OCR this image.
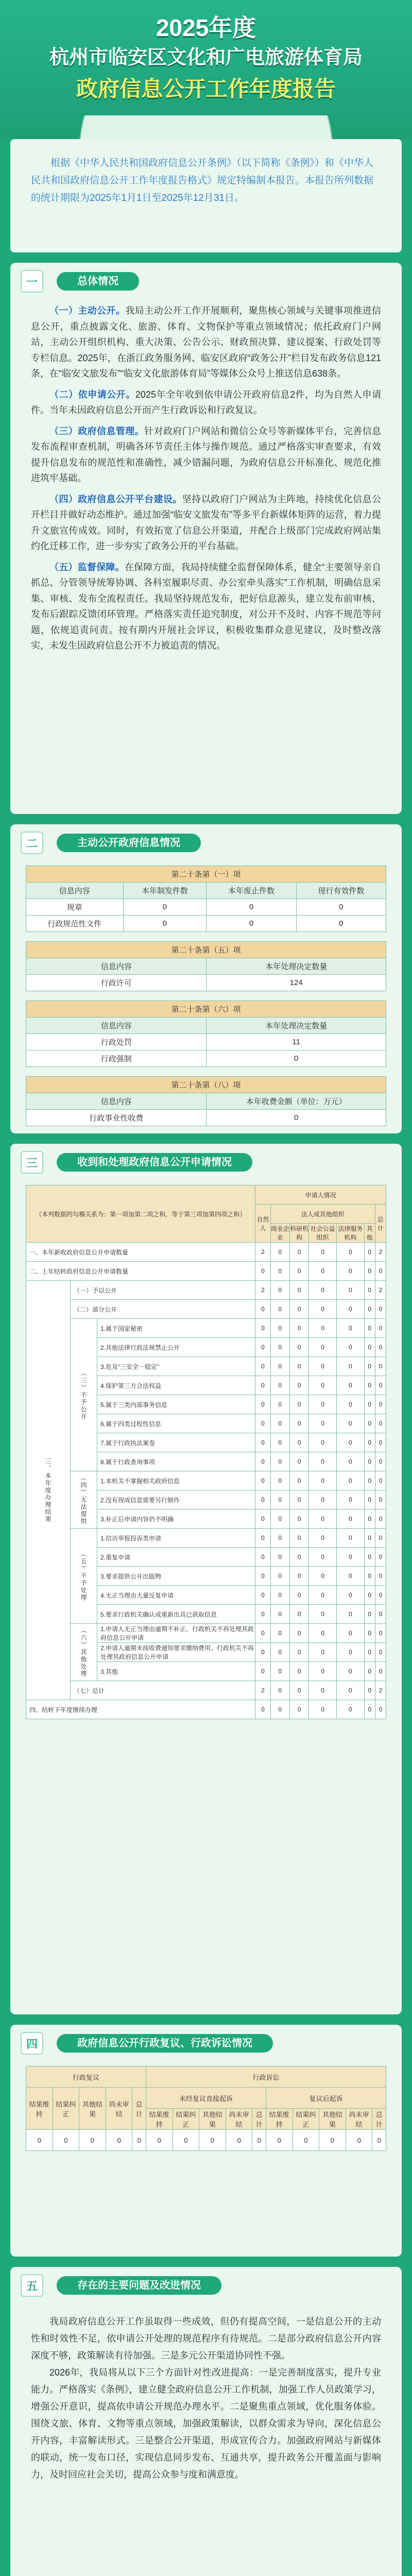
2025年度
杭州市临安区文化和广电旅游体育局
政府信息公开工作年度报告

根据《中华人民共和国政府信息公开条例》（以下简称《条例》）和《中华人民共和国政府信息公开工作年度报告格式》规定特编制本报告。本报告所列数据的统计期限为2025年1月1日至2025年12月31日。

一	总体情况

（一）主动公开。我局主动公开工作开展顺利，聚焦核心领域与关键事项推进信息公开，重点披露文化、旅游、体育、文物保护等重点领域情况；依托政府门户网站，主动公开组织机构、重大决策、公告公示、财政预决算、建议提案、行政处罚等专栏信息。2025年，在浙江政务服务网、临安区政府“政务公开”栏目发布政务信息121条，在“临安文旅发布”“临安文化旅游体育局”等媒体公众号上推送信息638条。

（二）依申请公开。2025年全年收到依申请公开政府信息2件，均为自然人申请件。当年未因政府信息公开而产生行政诉讼和行政复议。

（三）政府信息管理。针对政府门户网站和微信公众号等新媒体平台，完善信息发布流程审查机制，明确各环节责任主体与操作规范。通过严格落实审查要求，有效提升信息发布的规范性和准确性，减少错漏问题，为政府信息公开标准化、规范化推进筑牢基础。

（四）政府信息公开平台建设。坚持以政府门户网站为主阵地，持续优化信息公开栏目并做好动态维护。通过加强“临安文旅发布”等多平台新媒体矩阵的运营，着力提升文旅宣传成效。同时，有效拓宽了信息公开渠道，并配合上级部门完成政府网站集约化迁移工作，进一步夯实了政务公开的平台基础。

（五）监督保障。在保障方面，我局持续健全监督保障体系，健全“主要领导亲自抓总、分管领导统筹协调、各科室履职尽责、办公室牵头落实”工作机制，明确信息采集、审核、发布全流程责任。我局坚持规范发布，把好信息源头，建立发布前审核、发布后跟踪反馈闭环管理。严格落实责任追究制度，对公开不及时、内容不规范等问题，依规追责问责。按有期内开展社会评议，积极收集群众意见建议，及时整改落实，未发生因政府信息公开不力被追责的情况。

二	主动公开政府信息情况
第二十条第（一）项			
信息内容	本年制发件数	本年废止件数	现行有效件数
规章	0	0	0
行政规范性文件	0	0	0

第二十条第（五）项			
信息内容		本年处理决定数量	
行政许可		124	

第二十条第（六）项			
信息内容		本年处理决定数量	
行政处罚		11	
行政强制		0	

第二十条第（八）项			
信息内容		本年收费金额（单位：万元）	
行政事业性收费		0	
三	收到和处理政府信息公开申请情况
（本列数据的勾稽关系为：第一项加第二项之和，等于第三项加第四项之和）			申请人情况						
			自然人	法人或其他组织					总计
				商业企业	科研机构	社会公益组织	法律服务机构	其他	
一、本年新收政府信息公开申请数量			2	0	0	0	0	0	2
二、上年结转政府信息公开申请数量			0	0	0	0	0	0	0
三、本年度办理结果	（一）予以公开		2	0	0	0	0	0	2
	（二）部分公开		0	0	0	0	0	0	0
	（三）不予公开	1.属于国家秘密	0	0	0	0	0	0	0
		2.其他法律行政法规禁止公开	0	0	0	0	0	0	0
		3.危及“三安全一稳定”	0	0	0	0	0	0	0
		4.保护第三方合法权益	0	0	0	0	0	0	0
		5.属于三类内部事务信息	0	0	0	0	0	0	0
		6.属于四类过程性信息	0	0	0	0	0	0	0
		7.属于行政执法案卷	0	0	0	0	0	0	0
		8.属于行政查询事项	0	0	0	0	0	0	0
	（四）无法提供	1.本机关不掌握相关政府信息	0	0	0	0	0	0	0
		2.没有现成信息需要另行制作	0	0	0	0	0	0	0
		3.补正后申请内容仍不明确	0	0	0	0	0	0	0
	（五）不予处理	1.信访举报投诉类申请	0	0	0	0	0	0	0
		2.重复申请	0	0	0	0	0	0	0
		3.要求提供公开出版物	0	0	0	0	0	0	0
		4.无正当理由大量反复申请	0	0	0	0	0	0	0
		5.要求行政机关确认或重新出具已获取信息	0	0	0	0	0	0	0
	（六）其他处理	1.申请人无正当理由逾期不补正、行政机关不再处理其政府信息公开申请	0	0	0	0	0	0	0
		2.申请人逾期未按收费通知要求缴纳费用、行政机关不再处理其政府信息公开申请	0	0	0	0	0	0	0
		3.其他	0	0	0	0	0	0	0
	（七）总计		2	0	0	0	0	0	2
四、结转下年度继续办理			0	0	0	0	0	0	0
四	政府信息公开行政复议、行政诉讼情况
行政复议					行政诉讼									
结果维持	结果纠正	其他结果	尚未审结	总计	未经复议直接起诉					复议后起诉				
					结果维持	结果纠正	其他结果	尚未审结	总计	结果维持	结果纠正	其他结果	尚未审结	总计
0	0	0	0	0	0	0	0	0	0	0	0	0	0	0
五	存在的主要问题及改进情况

我局政府信息公开工作虽取得一些成效，但仍有提高空间，一是信息公开的主动性和时效性不足，依申请公开处理的规范程序有待规范。二是部分政府信息公开内容深度不够，政策解读有待加强。三是多元公开渠道协同性不强。

2026年，我局将从以下三个方面针对性改进提高：一是完善制度落实，提升专业能力。严格落实《条例》，建立健全政府信息公开工作机制，加强工作人员政策学习，增强公开意识，提高依申请公开规范办理水平。二是聚焦重点领域，优化服务体验。围绕文旅、体育、文物等重点领域，加强政策解读，以群众需求为导向，深化信息公开内容，丰富解读形式。三是整合公开渠道，形成宣传合力。加强政府网站与新媒体的联动，统一发布口径，实现信息同步发布、互通共享，提升政务公开覆盖面与影响力，及时回应社会关切，提高公众参与度和满意度。
